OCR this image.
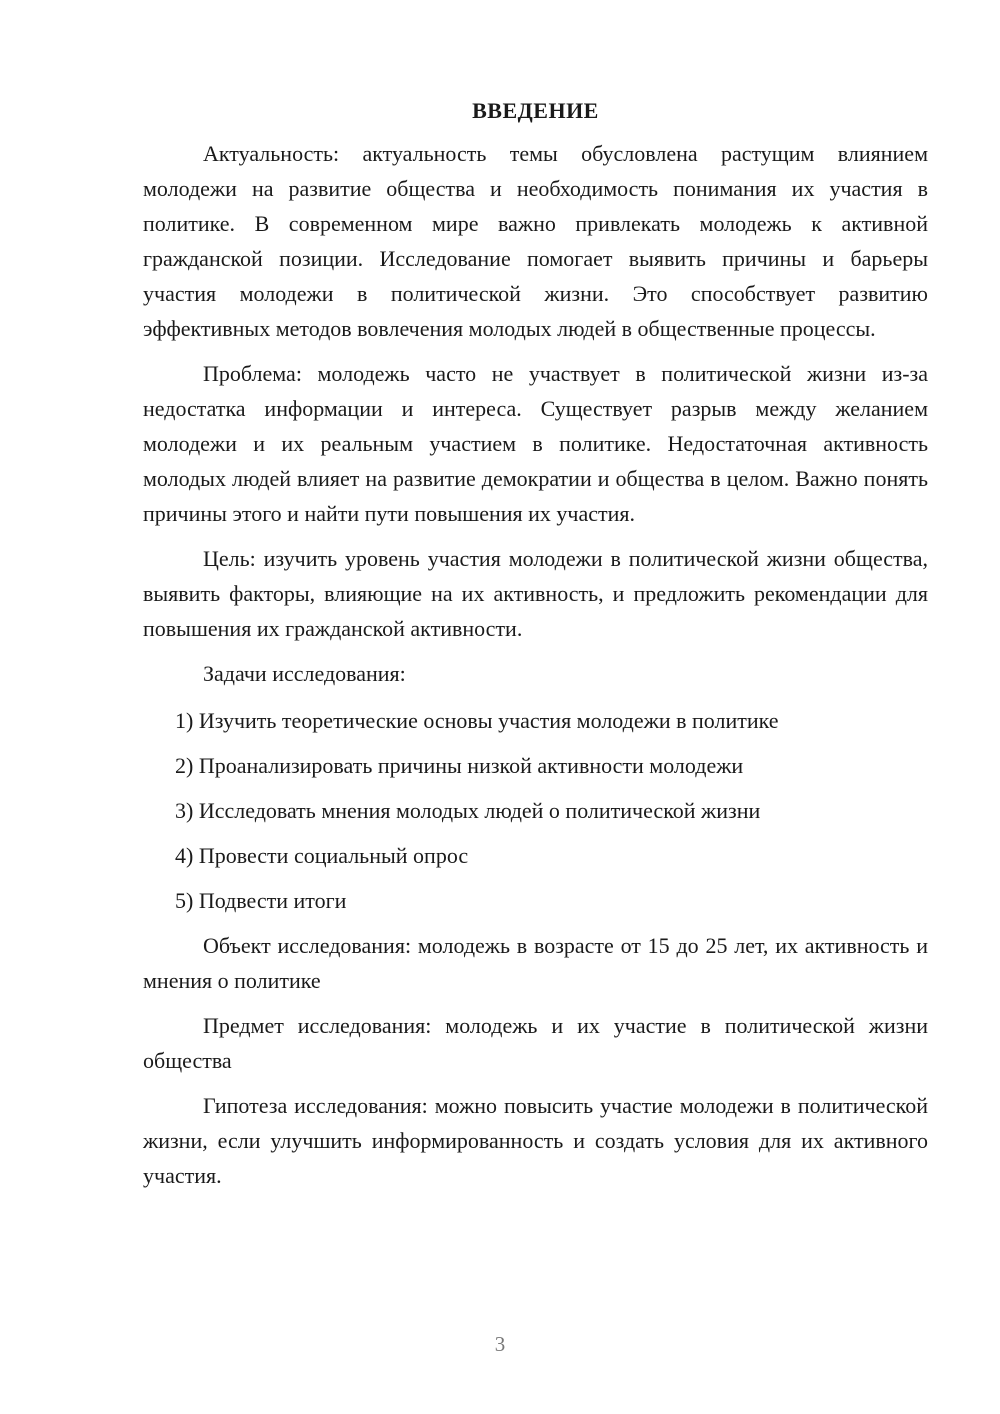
ВВЕДЕНИЕ

Актуальность: актуальность темы обусловлена растущим влиянием молодежи на развитие общества и необходимость понимания их участия в политике. В современном мире важно привлекать молодежь к активной гражданской позиции. Исследование помогает выявить причины и барьеры участия молодежи в политической жизни. Это способствует развитию эффективных методов вовлечения молодых людей в общественные процессы.

Проблема: молодежь часто не участвует в политической жизни из-за недостатка информации и интереса. Существует разрыв между желанием молодежи и их реальным участием в политике. Недостаточная активность молодых людей влияет на развитие демократии и общества в целом. Важно понять причины этого и найти пути повышения их участия.

Цель: изучить уровень участия молодежи в политической жизни общества, выявить факторы, влияющие на их активность, и предложить рекомендации для повышения их гражданской активности.

Задачи исследования:

1) Изучить теоретические основы участия молодежи в политике
2) Проанализировать причины низкой активности молодежи
3) Исследовать мнения молодых людей о политической жизни
4) Провести социальный опрос
5) Подвести итоги

Объект исследования: молодежь в возрасте от 15 до 25 лет, их активность и мнения о политике

Предмет исследования: молодежь и их участие в политической жизни общества

Гипотеза исследования: можно повысить участие молодежи в политической жизни, если улучшить информированность и создать условия для их активного участия.

3
